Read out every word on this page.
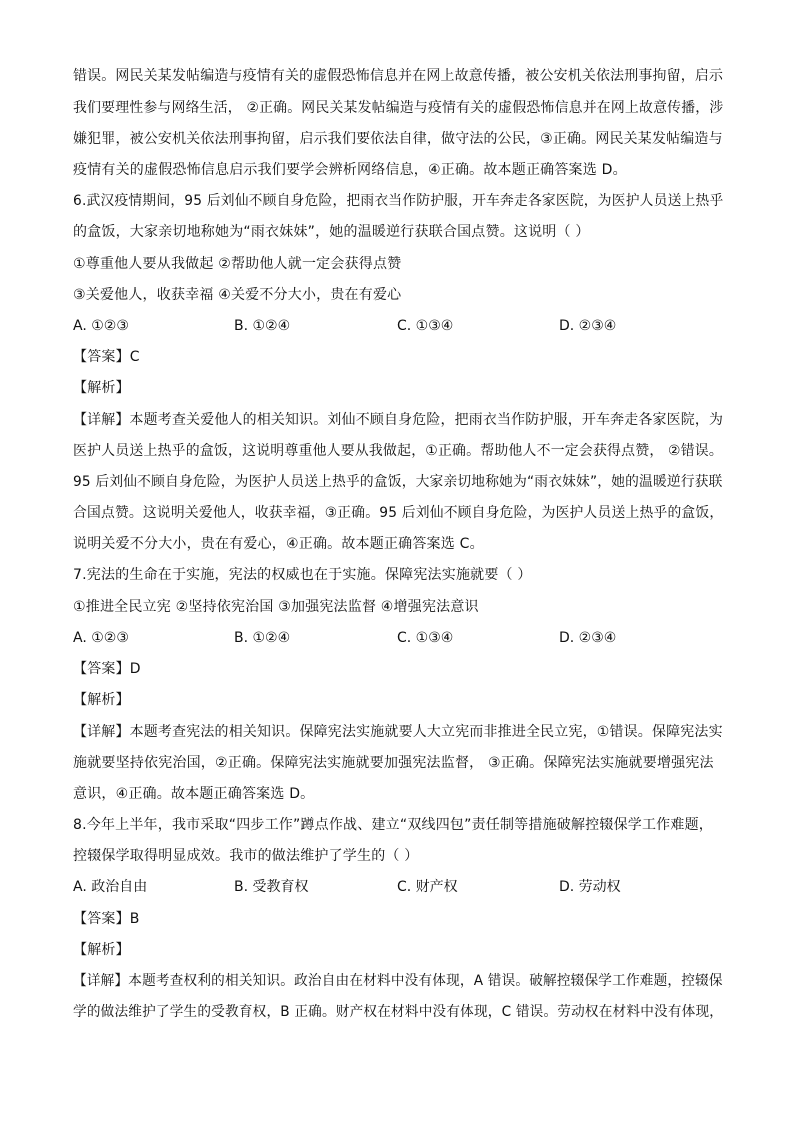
错误。网民关某发帖编造与疫情有关的虚假恐怖信息并在网上故意传播，被公安机关依法刑事拘留，启示
我们要理性参与网络生活， ②正确。网民关某发帖编造与疫情有关的虚假恐怖信息并在网上故意传播，涉
嫌犯罪，被公安机关依法刑事拘留，启示我们要依法自律，做守法的公民，③正确。网民关某发帖编造与
疫情有关的虚假恐怖信息启示我们要学会辨析网络信息，④正确。故本题正确答案选 D。
6.武汉疫情期间，95 后刘仙不顾自身危险，把雨衣当作防护服，开车奔走各家医院，为医护人员送上热乎
的盒饭，大家亲切地称她为“雨衣妹妹”，她的温暖逆行获联合国点赞。这说明（ ）
①尊重他人要从我做起 ②帮助他人就一定会获得点赞
③关爱他人，收获幸福 ④关爱不分大小，贵在有爱心
A. ①②③	B. ①②④	C. ①③④	D. ②③④
【答案】C
【解析】
【详解】本题考查关爱他人的相关知识。刘仙不顾自身危险，把雨衣当作防护服，开车奔走各家医院，为
医护人员送上热乎的盒饭，这说明尊重他人要从我做起，①正确。帮助他人不一定会获得点赞， ②错误。
95 后刘仙不顾自身危险，为医护人员送上热乎的盒饭，大家亲切地称她为“雨衣妹妹”，她的温暖逆行获联
合国点赞。这说明关爱他人，收获幸福，③正确。95 后刘仙不顾自身危险，为医护人员送上热乎的盒饭，
说明关爱不分大小，贵在有爱心，④正确。故本题正确答案选 C。
7.宪法的生命在于实施，宪法的权威也在于实施。保障宪法实施就要（ ）
①推进全民立宪 ②坚持依宪治国 ③加强宪法监督 ④增强宪法意识
A. ①②③	B. ①②④	C. ①③④	D. ②③④
【答案】D
【解析】
【详解】本题考查宪法的相关知识。保障宪法实施就要人大立宪而非推进全民立宪，①错误。保障宪法实
施就要坚持依宪治国，②正确。保障宪法实施就要加强宪法监督， ③正确。保障宪法实施就要增强宪法
意识，④正确。故本题正确答案选 D。
8.今年上半年，我市采取“四步工作”蹲点作战、建立“双线四包”责任制等措施破解控辍保学工作难题，
控辍保学取得明显成效。我市的做法维护了学生的（ ）
A. 政治自由	B. 受教育权	C. 财产权	D. 劳动权
【答案】B
【解析】
【详解】本题考查权利的相关知识。政治自由在材料中没有体现，A 错误。破解控辍保学工作难题，控辍保
学的做法维护了学生的受教育权，B 正确。财产权在材料中没有体现，C 错误。劳动权在材料中没有体现，
